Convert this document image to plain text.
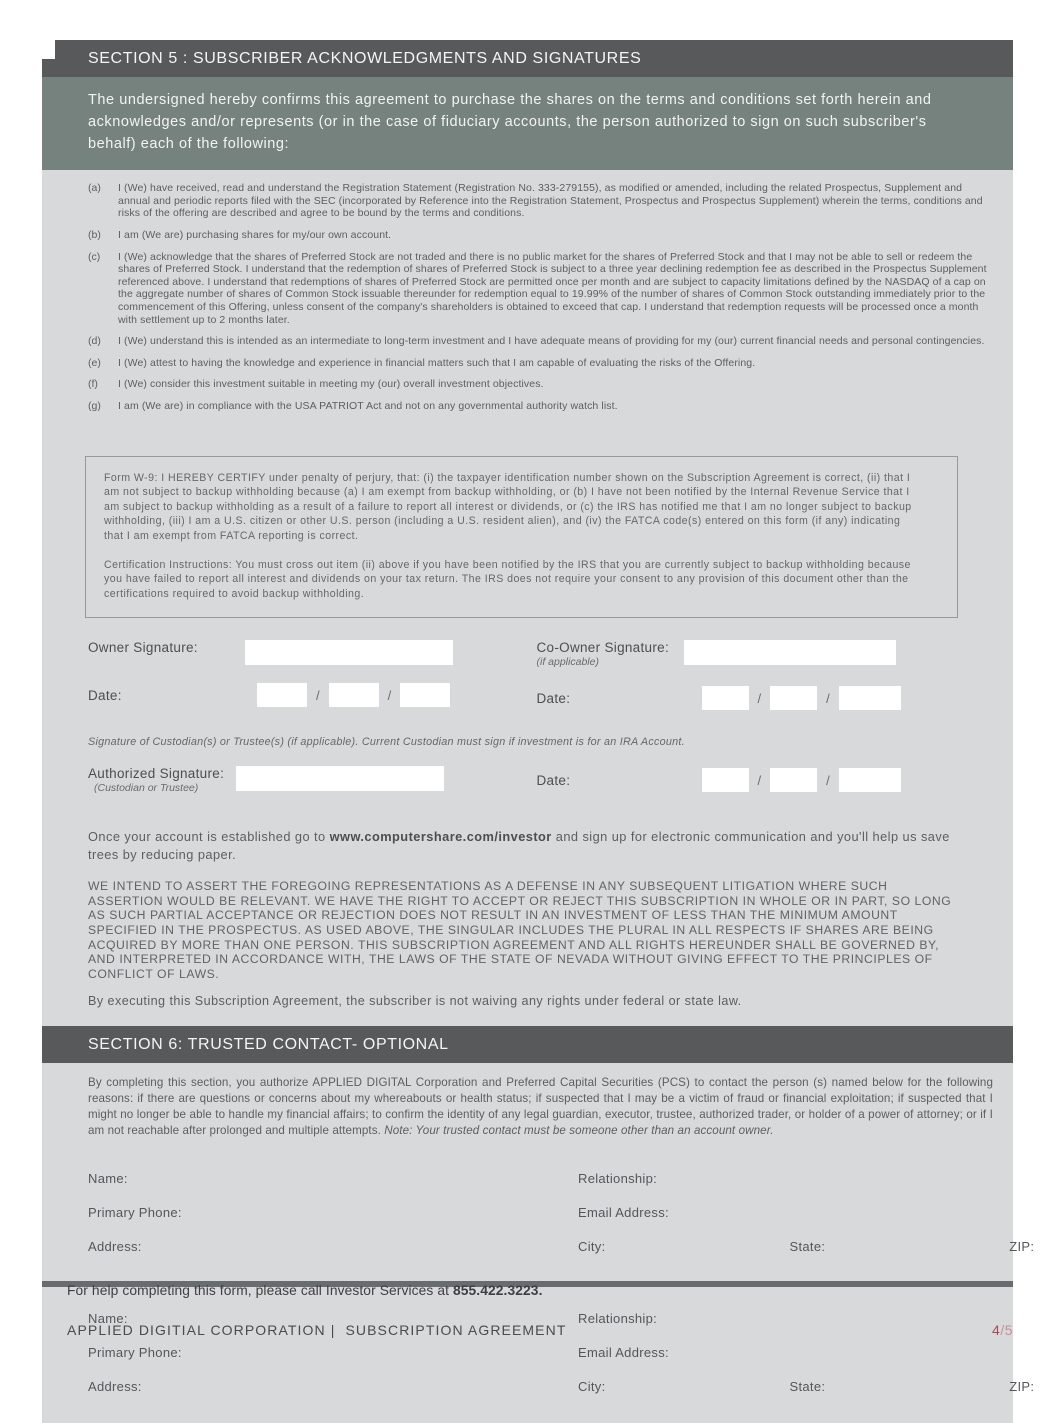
SECTION 5 : SUBSCRIBER ACKNOWLEDGMENTS AND SIGNATURES
The undersigned hereby confirms this agreement to purchase the shares on the terms and conditions set forth herein and acknowledges and/or represents (or in the case of fiduciary accounts, the person authorized to sign on such subscriber's behalf) each of the following:
(a)	I (We) have received, read and understand the Registration Statement (Registration No. 333-279155), as modified or amended, including the related Prospectus, Supplement and annual and periodic reports filed with the SEC (incorporated by Reference into the Registration Statement, Prospectus and Prospectus Supplement) wherein the terms, conditions and risks of the offering are described and agree to be bound by the terms and conditions.
(b)	I am (We are) purchasing shares for my/our own account.
(c)	I (We) acknowledge that the shares of Preferred Stock are not traded and there is no public market for the shares of Preferred Stock and that I may not be able to sell or redeem the shares of Preferred Stock. I understand that the redemption of shares of Preferred Stock is subject to a three year declining redemption fee as described in the Prospectus Supplement referenced above. I understand that redemptions of shares of Preferred Stock are permitted once per month and are subject to capacity limitations defined by the NASDAQ of a cap on the aggregate number of shares of Common Stock issuable thereunder for redemption equal to 19.99% of the number of shares of Common Stock outstanding immediately prior to the commencement of this Offering, unless consent of the company's shareholders is obtained to exceed that cap. I understand that redemption requests will be processed once a month with settlement up to 2 months later.
(d)	I (We) understand this is intended as an intermediate to long-term investment and I have adequate means of providing for my (our) current financial needs and personal contingencies.
(e)	I (We) attest to having the knowledge and experience in financial matters such that I am capable of evaluating the risks of the Offering.
(f)	I (We) consider this investment suitable in meeting my (our) overall investment objectives.
(g)	I am (We are) in compliance with the USA PATRIOT Act and not on any governmental authority watch list.

Form W-9: I HEREBY CERTIFY under penalty of perjury, that: (i) the taxpayer identification number shown on the Subscription Agreement is correct, (ii) that I am not subject to backup withholding because (a) I am exempt from backup withholding, or (b) I have not been notified by the Internal Revenue Service that I am subject to backup withholding as a result of a failure to report all interest or dividends, or (c) the IRS has notified me that I am no longer subject to backup withholding, (iii) I am a U.S. citizen or other U.S. person (including a U.S. resident alien), and (iv) the FATCA code(s) entered on this form (if any) indicating that I am exempt from FATCA reporting is correct.

Certification Instructions: You must cross out item (ii) above if you have been notified by the IRS that you are currently subject to backup withholding because you have failed to report all interest and dividends on your tax return. The IRS does not require your consent to any provision of this document other than the certifications required to avoid backup withholding.

Owner Signature:
Date:	/	/
Co-Owner Signature:
(if applicable)
Date:	/	/
Signature of Custodian(s) or Trustee(s) (if applicable). Current Custodian must sign if investment is for an IRA Account.
Authorized Signature:
(Custodian or Trustee)
Date:	/	/

Once your account is established go to www.computershare.com/investor and sign up for electronic communication and you'll help us save trees by reducing paper.

WE INTEND TO ASSERT THE FOREGOING REPRESENTATIONS AS A DEFENSE IN ANY SUBSEQUENT LITIGATION WHERE SUCH ASSERTION WOULD BE RELEVANT. WE HAVE THE RIGHT TO ACCEPT OR REJECT THIS SUBSCRIPTION IN WHOLE OR IN PART, SO LONG AS SUCH PARTIAL ACCEPTANCE OR REJECTION DOES NOT RESULT IN AN INVESTMENT OF LESS THAN THE MINIMUM AMOUNT SPECIFIED IN THE PROSPECTUS. AS USED ABOVE, THE SINGULAR INCLUDES THE PLURAL IN ALL RESPECTS IF SHARES ARE BEING ACQUIRED BY MORE THAN ONE PERSON. THIS SUBSCRIPTION AGREEMENT AND ALL RIGHTS HEREUNDER SHALL BE GOVERNED BY, AND INTERPRETED IN ACCORDANCE WITH, THE LAWS OF THE STATE OF NEVADA WITHOUT GIVING EFFECT TO THE PRINCIPLES OF CONFLICT OF LAWS.

By executing this Subscription Agreement, the subscriber is not waiving any rights under federal or state law.

SECTION 6: TRUSTED CONTACT- OPTIONAL

By completing this section, you authorize APPLIED DIGITAL Corporation and Preferred Capital Securities (PCS) to contact the person (s) named below for the following reasons: if there are questions or concerns about my whereabouts or health status; if suspected that I may be a victim of fraud or financial exploitation; if suspected that I might no longer be able to handle my financial affairs; to confirm the identity of any legal guardian, executor, trustee, authorized trader, or holder of a power of attorney; or if I am not reachable after prolonged and multiple attempts. Note: Your trusted contact must be someone other than an account owner.

Name:	Relationship:
Primary Phone:	Email Address:
Address:	City:	State:	ZIP:
Name:	Relationship:
Primary Phone:	Email Address:
Address:	City:	State:	ZIP:
For help completing this form, please call Investor Services at 855.422.3223.
APPLIED DIGITIAL CORPORATION | SUBSCRIPTION AGREEMENT	4/5
